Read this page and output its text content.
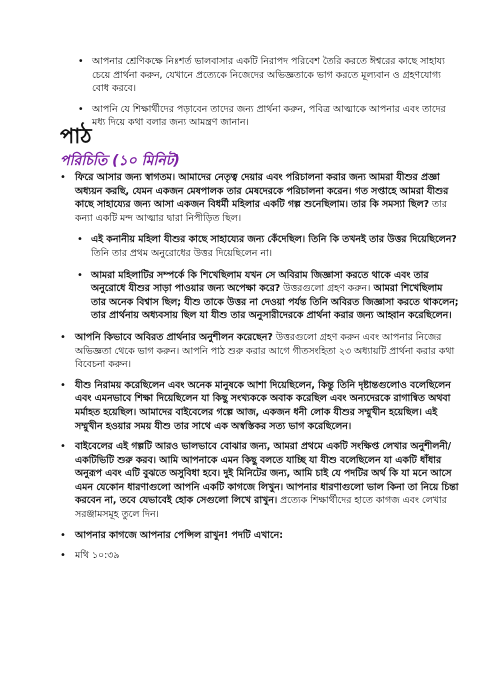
• আপনার শ্রেণিকক্ষে নিঃশর্ত ভালবাসার একটি নিরাপদ পরিবেশ তৈরি করতে ঈশ্বরের কাছে সাহায্য চেয়ে প্রার্থনা করুন, যেখানে প্রত্যেকে নিজেদের অভিজ্ঞতাকে ভাগ করতে মূল্যবান ও গ্রহণযোগ্য বোধ করবে।

• আপনি যে শিক্ষার্থীদের পড়াবেন তাদের জন্য প্রার্থনা করুন, পবিত্র আত্মাকে আপনার এবং তাদের মধ্য দিয়ে কথা বলার জন্য আমন্ত্রণ জানান।

পাঠ
পরিচিতি (১০ মিনিট)
• ফিরে আসার জন্য স্বাগতম। আমাদের নেতৃত্ব দেয়ার এবং পরিচালনা করার জন্য আমরা যীশুর প্রজ্ঞা অধ্যয়ন করছি, যেমন একজন মেষপালক তার মেষদেরকে পরিচালনা করেন। গত সপ্তাহে আমরা যীশুর কাছে সাহায্যের জন্য আসা একজন বিধর্মী মহিলার একটি গল্প শুনেছিলাম। তার কি সমস্যা ছিল? তার কন্যা একটি মন্দ আত্মার দ্বারা নিপীড়িত ছিল।

• এই কনানীয় মহিলা যীশুর কাছে সাহায্যের জন্য কেঁদেছিল। তিনি কি তখনই তার উত্তর দিয়েছিলেন? তিনি তার প্রথম অনুরোধের উত্তর দিয়েছিলেন না।

• আমরা মহিলাটির সম্পর্কে কি শিখেছিলাম যখন সে অবিরাম জিজ্ঞাসা করতে থাকে এবং তার অনুরোধে যীশুর সাড়া পাওয়ার জন্য অপেক্ষা করে? উত্তরগুলো গ্রহণ করুন। আমরা শিখেছিলাম তার অনেক বিশ্বাস ছিল; যীশু তাকে উত্তর না দেওয়া পর্যন্ত তিনি অবিরত জিজ্ঞাসা করতে থাকলেন; তার প্রার্থনায় অধ্যবসায় ছিল যা যীশু তার অনুসারীদেরকে প্রার্থনা করার জন্য আহ্বান করেছিলেন।

• আপনি কিভাবে অবিরত প্রার্থনার অনুশীলন করেছেন? উত্তরগুলো গ্রহণ করুন এবং আপনার নিজের অভিজ্ঞতা থেকে ভাগ করুন। আপনি পাঠ শুরু করার আগে গীতসংহিতা ২৩ অধ্যায়টি প্রার্থনা করার কথা বিবেচনা করুন।

• যীশু নিরাময় করেছিলেন এবং অনেক মানুষকে আশা দিয়েছিলেন, কিন্তু তিনি দৃষ্টান্তগুলোও বলেছিলেন এবং এমনভাবে শিক্ষা দিয়েছিলেন যা কিছু সংখ্যককে অবাক করেছিল এবং অন্যদেরকে রাগান্বিত অথবা মর্মাহত হয়েছিল। আমাদের বাইবেলের গল্পে আজ, একজন ধনী লোক যীশুর সম্মুখীন হয়েছিল। এই সম্মুখীন হওয়ার সময় যীশু তার সাথে এক অস্বস্তিকর সত্য ভাগ করেছিলেন।

• বাইবেলের এই গল্পটি আরও ভালভাবে বোঝার জন্য, আমরা প্রথমে একটি সংক্ষিপ্ত লেখার অনুশীলনী/একটিভিটি শুরু করব। আমি আপনাকে এমন কিছু বলতে যাচ্ছি যা যীশু বলেছিলেন যা একটি ধাঁধার অনুরূপ এবং এটি বুঝতে অসুবিধা হবে। দুই মিনিটের জন্য, আমি চাই যে পদটির অর্থ কি যা মনে আসে এমন যেকোন ধারণাগুলো আপনি একটি কাগজে লিখুন। আপনার ধারণাগুলো ভাল কিনা তা নিয়ে চিন্তা করবেন না, তবে যেভাবেই হোক সেগুলো লিখে রাখুন। প্রত্যেক শিক্ষার্থীদের হাতে কাগজ এবং লেখার সরঞ্জামসমূহ তুলে দিন।

• আপনার কাগজে আপনার পেন্সিল রাখুন! পদটি এখানে:

• মথি ১০:৩৯
